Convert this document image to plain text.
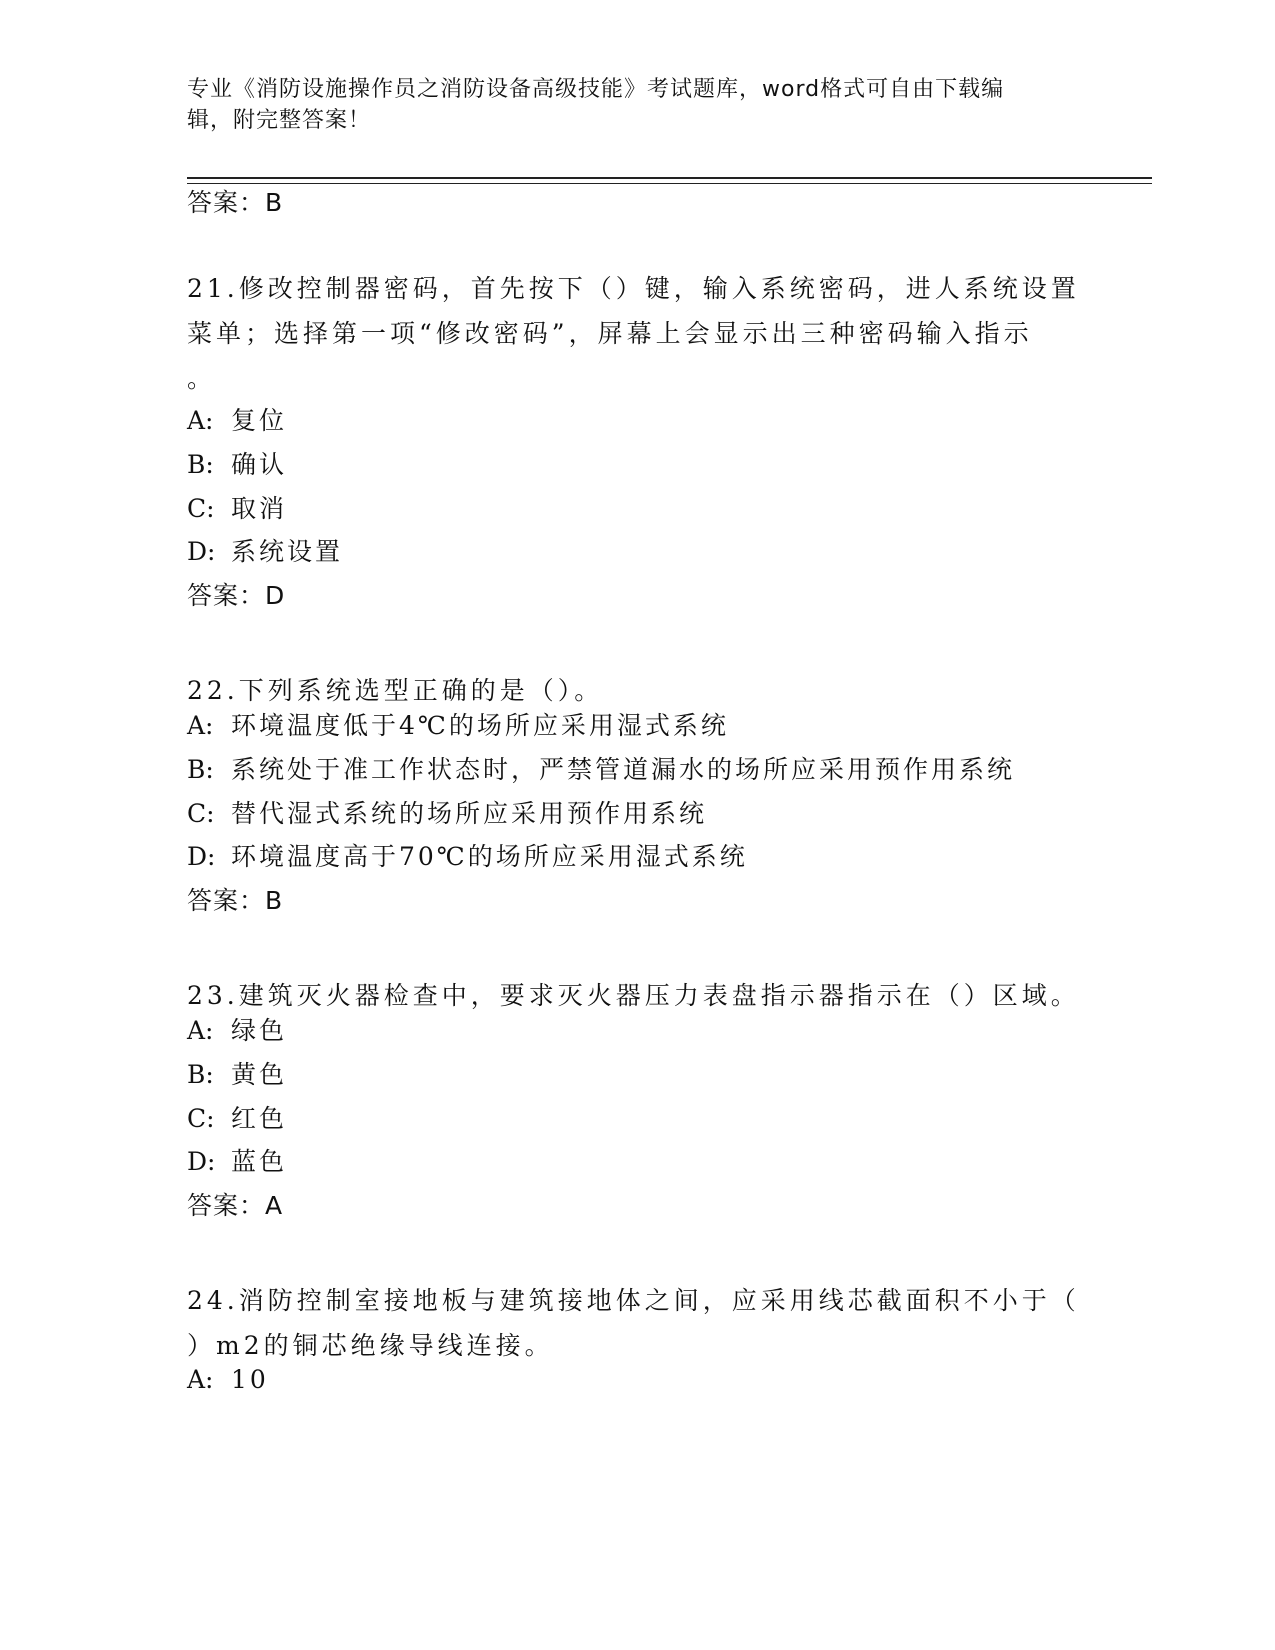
专业《消防设施操作员之消防设备高级技能》考试题库，word格式可自由下载编
辑，附完整答案！
答案：B
21.修改控制器密码，首先按下（）键，输入系统密码，进人系统设置
菜单；选择第一项“修改密码”，屏幕上会显示出三种密码输入指示
。
A: 复位
B: 确认
C: 取消
D: 系统设置
答案：D
22.下列系统选型正确的是（）。
A: 环境温度低于4℃的场所应采用湿式系统
B: 系统处于准工作状态时，严禁管道漏水的场所应采用预作用系统
C: 替代湿式系统的场所应采用预作用系统
D: 环境温度高于70℃的场所应采用湿式系统
答案：B
23.建筑灭火器检查中，要求灭火器压力表盘指示器指示在（）区域。
A: 绿色
B: 黄色
C: 红色
D: 蓝色
答案：A
24.消防控制室接地板与建筑接地体之间，应采用线芯截面积不小于（
）m2的铜芯绝缘导线连接。
A: 10
